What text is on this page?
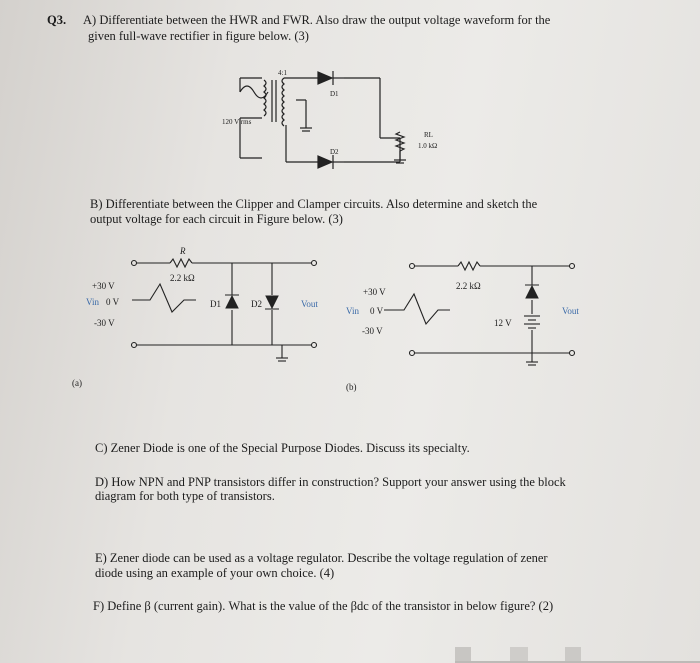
Q3. A) Differentiate between the HWR and FWR. Also draw the output voltage waveform for the
given full-wave rectifier in figure below. (3)
4:1
120 V rms
D1
D2
RL
1.0 kΩ
B) Differentiate between the Clipper and Clamper circuits. Also determine and sketch the
output voltage for each circuit in Figure below. (3)
R
2.2 kΩ
+30 V
Vin 0 V
-30 V
D1	D2	Vout
(a)
2.2 kΩ
+30 V
Vin 0 V
-30 V
12 V
Vout
(b)
C) Zener Diode is one of the Special Purpose Diodes. Discuss its specialty.
D) How NPN and PNP transistors differ in construction? Support your answer using the block
diagram for both type of transistors.
E) Zener diode can be used as a voltage regulator. Describe the voltage regulation of zener
diode using an example of your own choice. (4)
F) Define β (current gain). What is the value of the βdc of the transistor in below figure? (2)
